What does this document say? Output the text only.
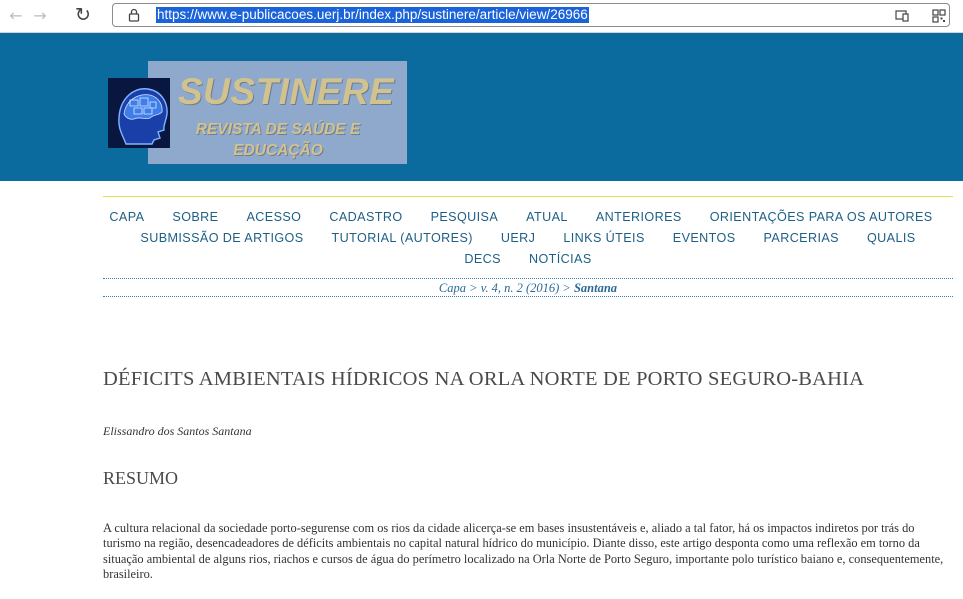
← → ↻	https://www.e-publicacoes.uerj.br/index.php/sustinere/article/view/26966
SUSTINERE
REVISTA DE SAÚDE E EDUCAÇÃO
CAPA SOBRE ACESSO CADASTRO PESQUISA ATUAL ANTERIORES ORIENTAÇÕES PARA OS AUTORESSUBMISSÃO DE ARTIGOS TUTORIAL (AUTORES) UERJ LINKS ÚTEIS EVENTOS PARCERIAS QUALISDECS NOTÍCIAS
Capa > v. 4, n. 2 (2016) > Santana
DÉFICITS AMBIENTAIS HÍDRICOS NA ORLA NORTE DE PORTO SEGURO-BAHIA
Elissandro dos Santos Santana
RESUMO

A cultura relacional da sociedade porto-segurense com os rios da cidade alicerça-se em bases insustentáveis e, aliado a tal fator, há os impactos indiretos por trás do turismo na região, desencadeadores de déficits ambientais no capital natural hídrico do município. Diante disso, este artigo desponta como uma reflexão em torno da situação ambiental de alguns rios, riachos e cursos de água do perímetro localizado na Orla Norte de Porto Seguro, importante polo turístico baiano e, consequentemente, brasileiro.
